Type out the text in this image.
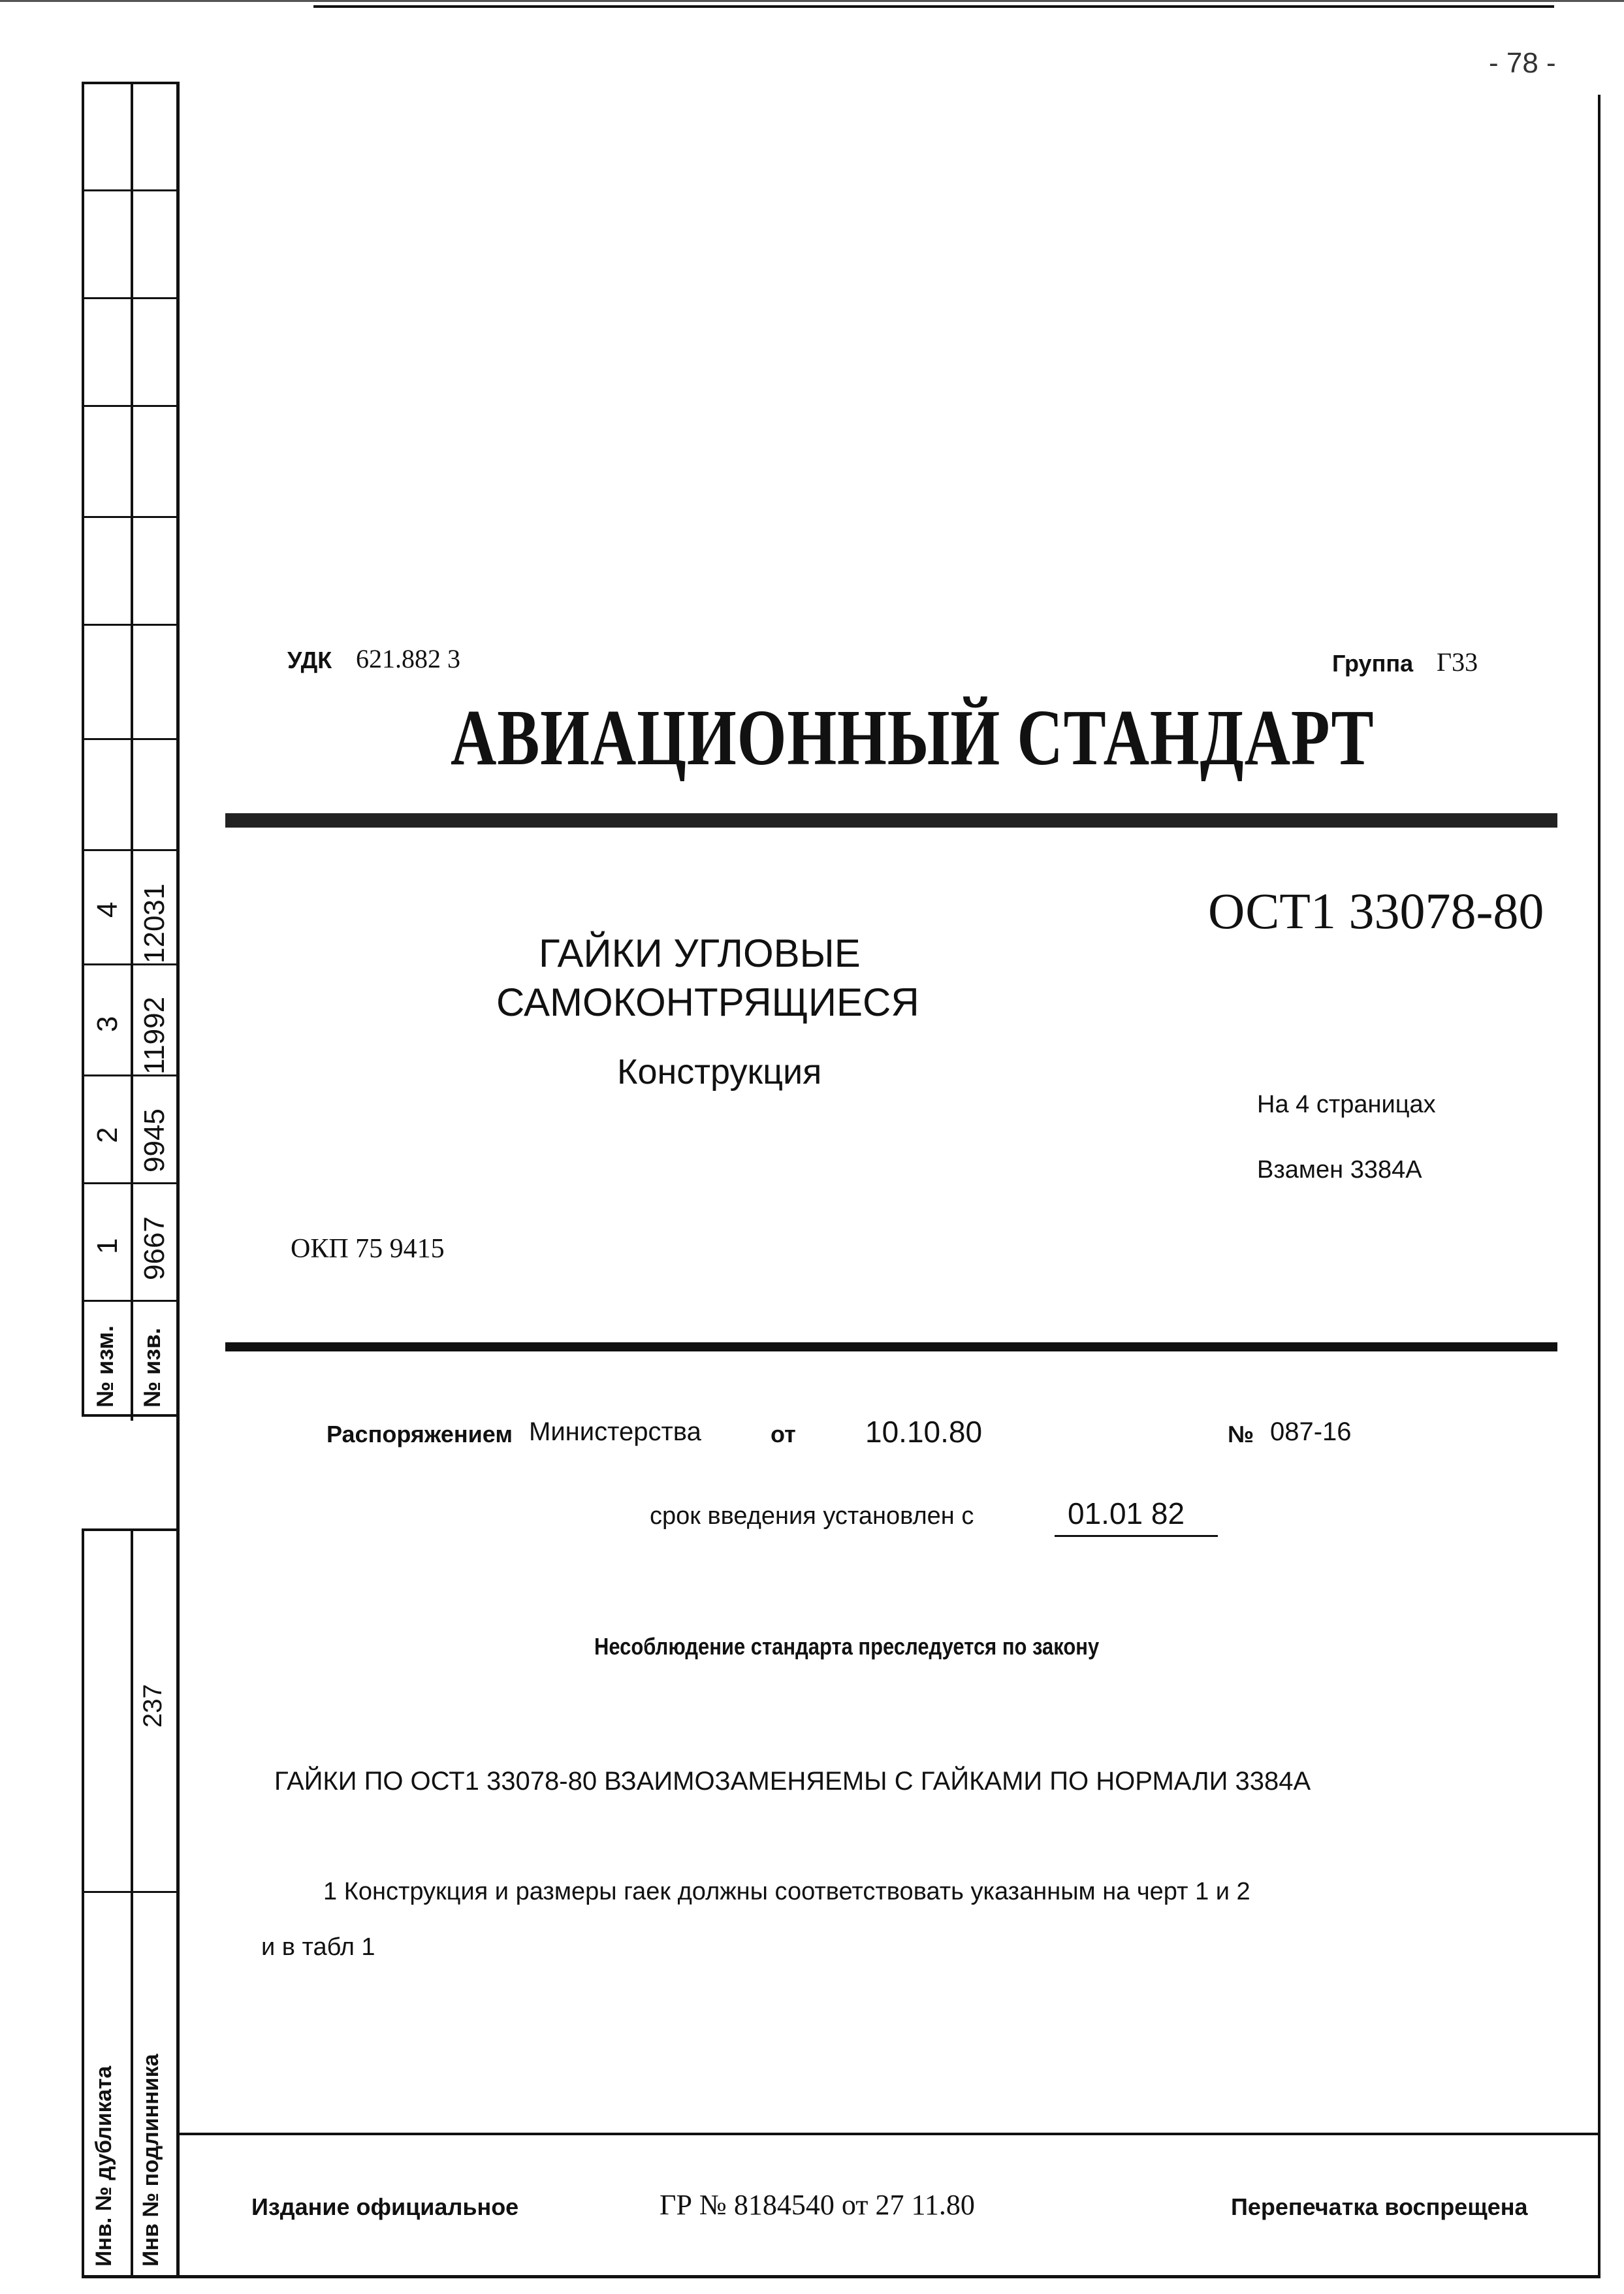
- 78 -
1 9667
2 9945
3 11992
4 12031
№ изм. № изв.
237
Инв. № дубликата Инв № подлинника
УДК 621.882 3	Группа Г33
АВИАЦИОННЫЙ СТАНДАРТ
ОСТ1 33078-80
ГАЙКИ УГЛОВЫЕ
САМОКОНТРЯЩИЕСЯ
Конструкция
На 4 страницах
Взамен 3384А
ОКП 75 9415
Распоряжением Министерства	от 10.10.80	№ 087-16
срок введения установлен с	01.01 82
Несоблюдение стандарта преследуется по закону
ГАЙКИ ПО ОСТ1 33078-80 ВЗАИМОЗАМЕНЯЕМЫ С ГАЙКАМИ ПО НОРМАЛИ 3384А
1 Конструкция и размеры гаек должны соответствовать указанным на черт 1 и 2
и в табл 1
Издание официальное	ГР № 8184540 от 27 11.80	Перепечатка воспрещена
